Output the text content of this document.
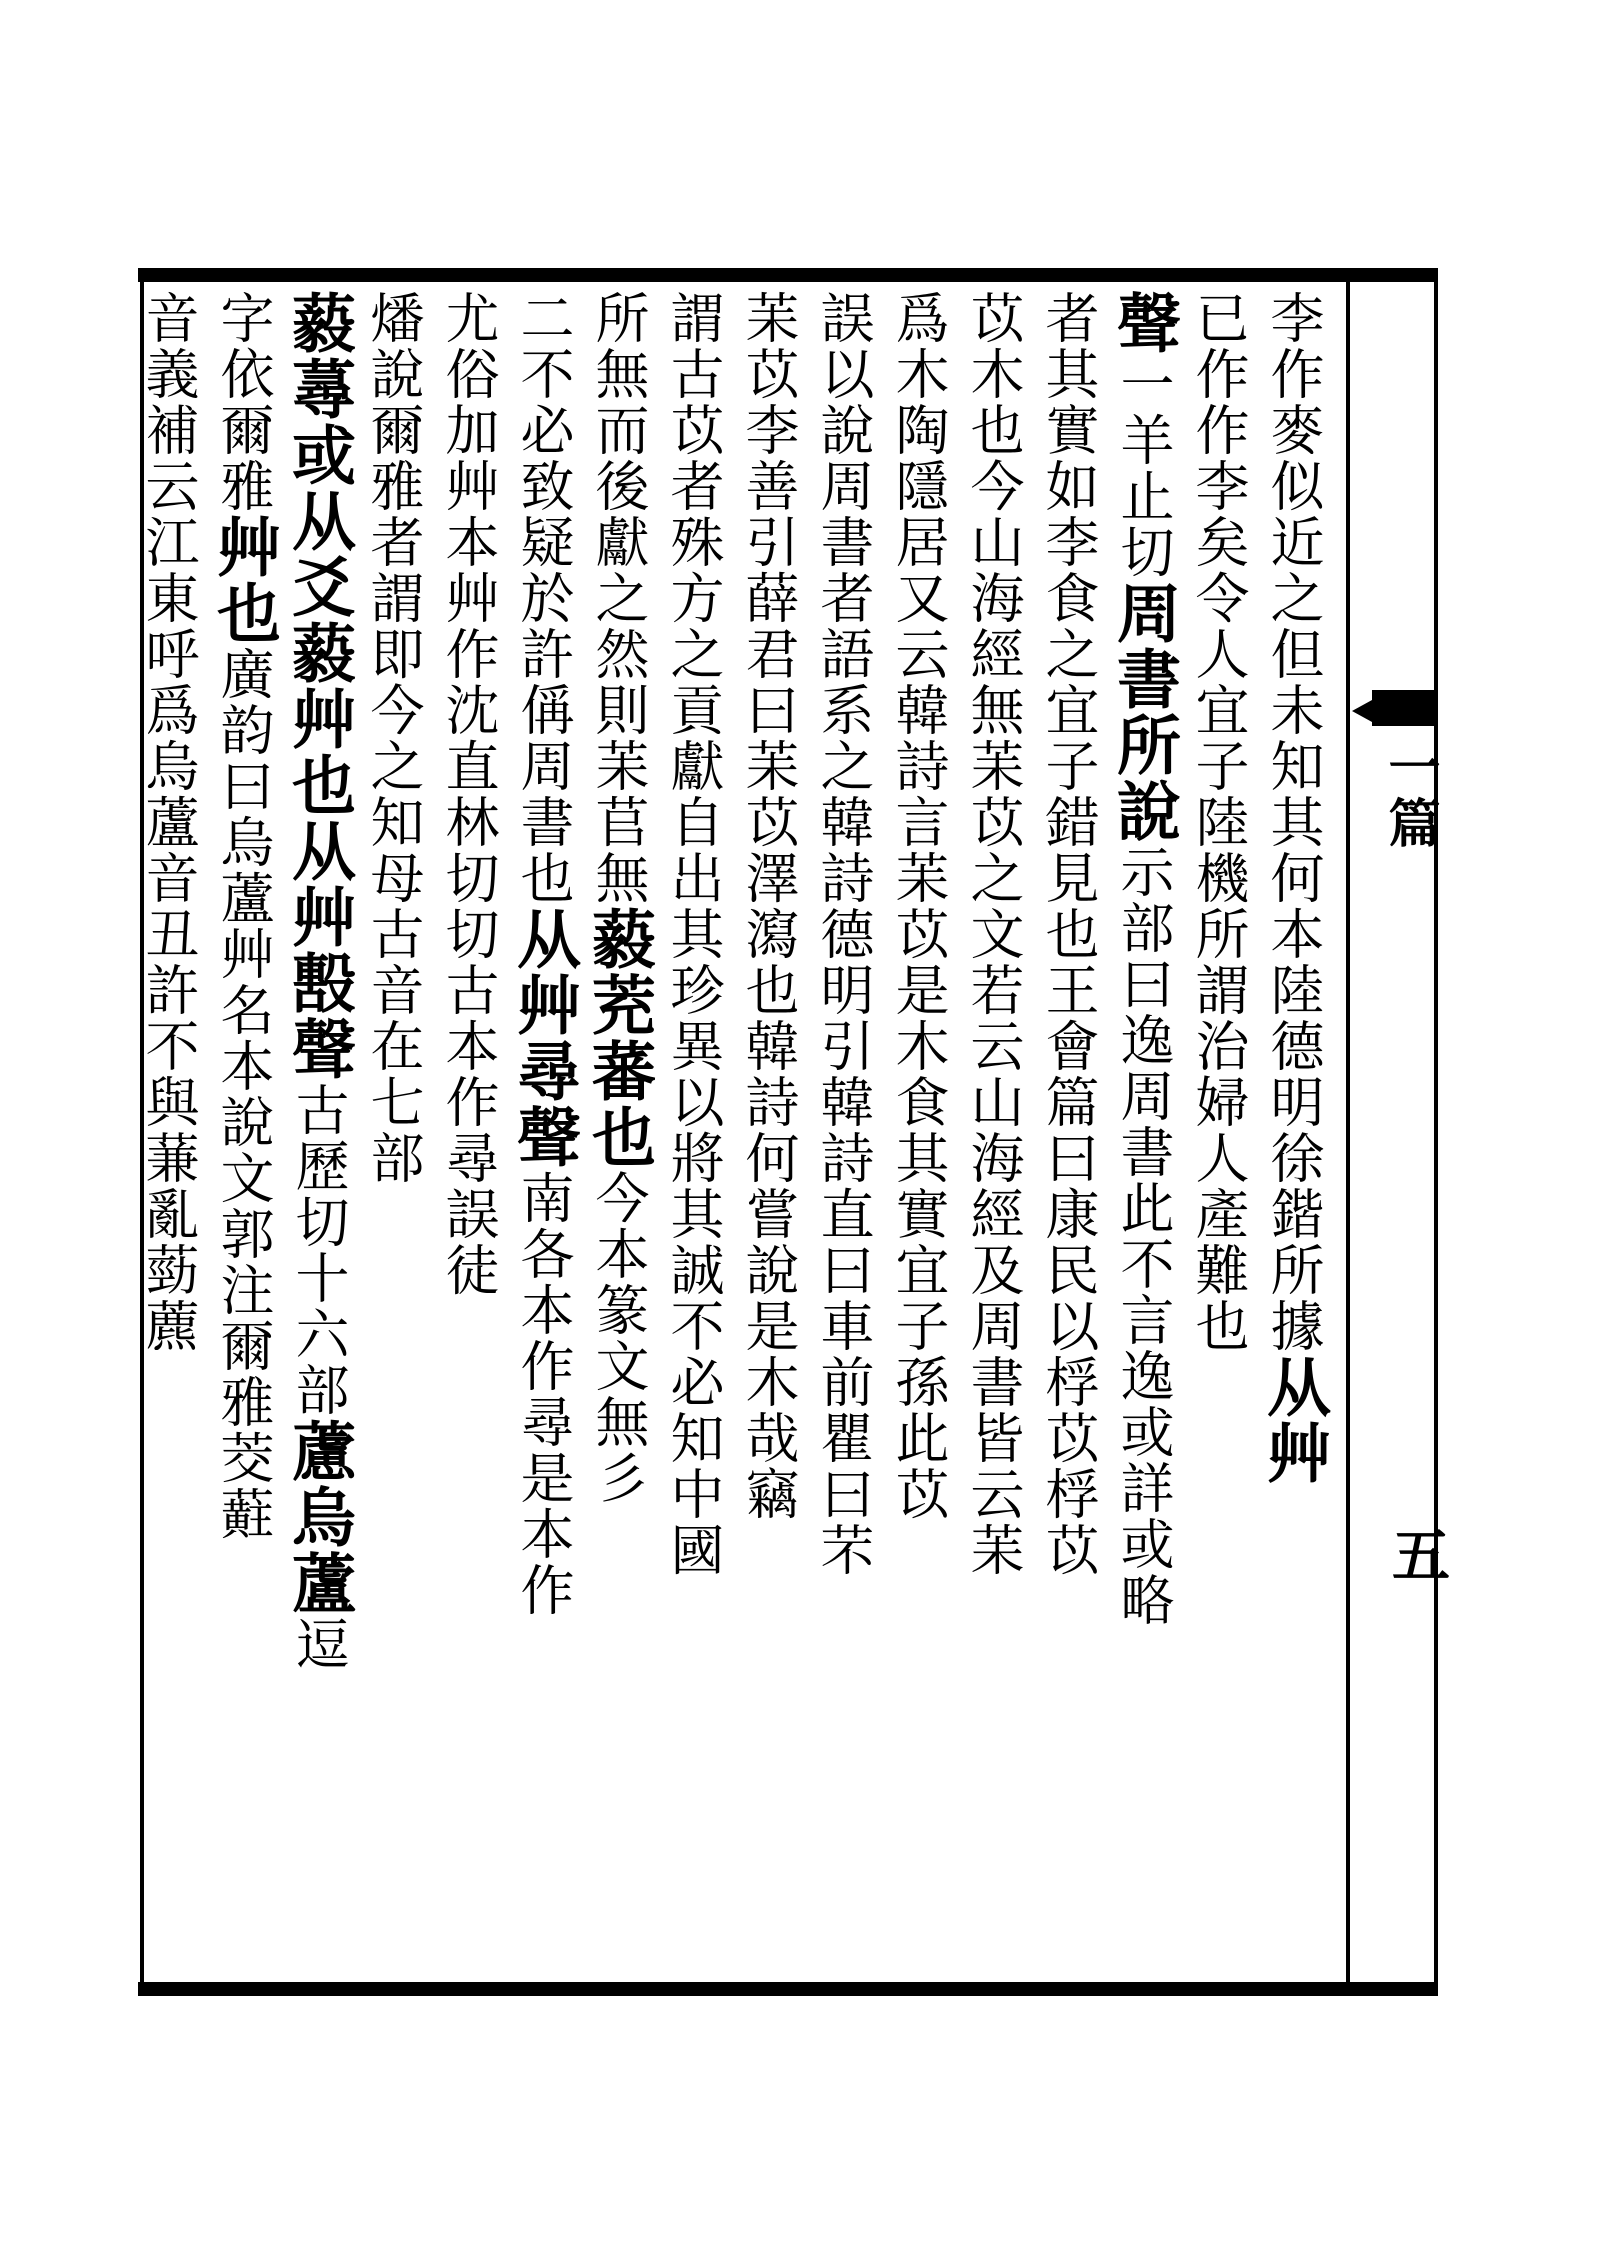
一篇
五
李作麥似近之但未知其何本陸德明徐鍇所據从艸
已作作李矣令人宜子陸機所謂治婦人產難也
聲一羊止切周書所說示部曰逸周書此不言逸或詳或略
者其實如李食之宜子錯見也王會篇曰康民以桴苡桴苡
苡木也今山海經無苿苡之文若云山海經及周書皆云苿
爲木陶隱居又云韓詩言苿苡是木食其實宜子孫此苡
誤以說周書者語系之韓詩德明引韓詩直曰車前瞿曰芣
苿苡李善引薛君曰苿苡澤瀉也韓詩何嘗說是木哉竊
謂古苡者殊方之貢獻自出其珍異以將其誠不必知中國
所無而後獻之然則苿苢無藙茺蕃也今本篆文無彡
二不必致疑於許偁周書也从艸尋聲南各本作尋是本作
尤俗加艸本艸作沈直林切切古本作尋誤徒
燔說爾雅者謂即今之知母古音在七部
藙蕁或从爻藙艸也从艸毄聲古歷切十六部藘烏蘆逗
字依爾雅艸也廣韵曰烏蘆艸名本說文郭注爾雅茭蘣
音義補云江東呼爲烏蘆音丑許不與蒹亂葝藨
